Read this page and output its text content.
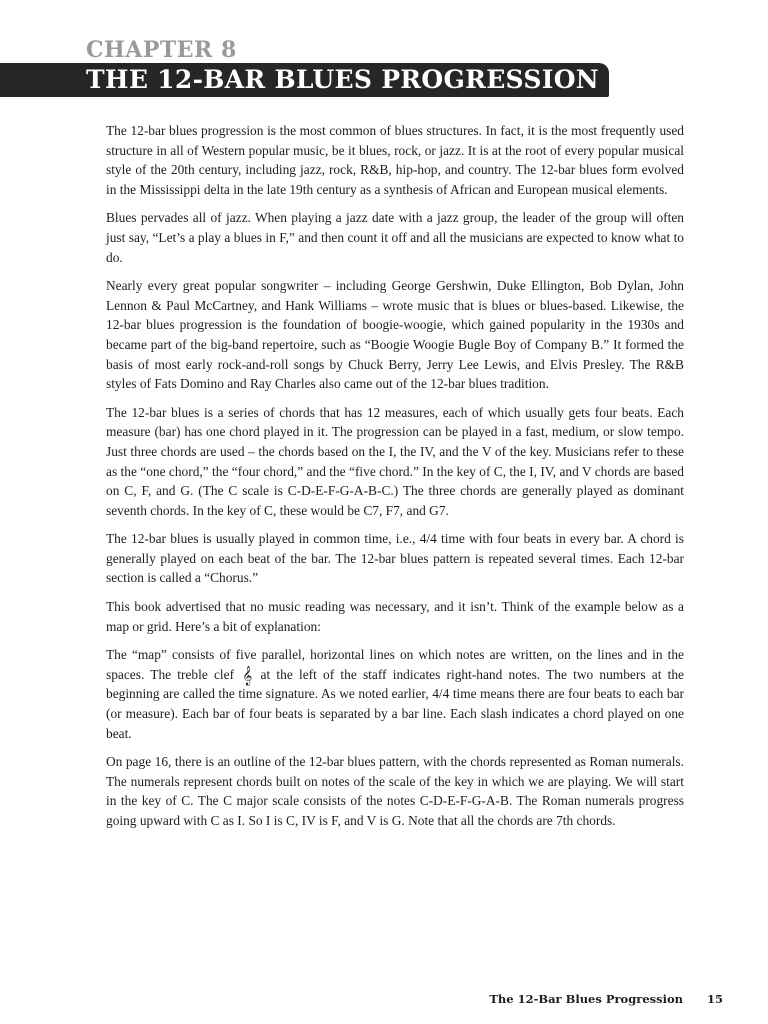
CHAPTER 8
THE 12-BAR BLUES PROGRESSION

The 12-bar blues progression is the most common of blues structures. In fact, it is the most frequently used structure in all of Western popular music, be it blues, rock, or jazz. It is at the root of every popular musical style of the 20th century, including jazz, rock, R&B, hip-hop, and country. The 12-bar blues form evolved in the Mississippi delta in the late 19th century as a synthesis of African and European musical elements.

Blues pervades all of jazz. When playing a jazz date with a jazz group, the leader of the group will often just say, “Let’s a play a blues in F,” and then count it off and all the musicians are expected to know what to do.

Nearly every great popular songwriter – including George Gershwin, Duke Ellington, Bob Dylan, John Lennon & Paul McCartney, and Hank Williams – wrote music that is blues or blues-based. Likewise, the 12-bar blues progression is the foundation of boogie-woogie, which gained popularity in the 1930s and became part of the big-band repertoire, such as “Boogie Woogie Bugle Boy of Company B.” It formed the basis of most early rock-and-roll songs by Chuck Berry, Jerry Lee Lewis, and Elvis Presley. The R&B styles of Fats Domino and Ray Charles also came out of the 12-bar blues tradition.

The 12-bar blues is a series of chords that has 12 measures, each of which usually gets four beats. Each measure (bar) has one chord played in it. The progression can be played in a fast, medium, or slow tempo. Just three chords are used – the chords based on the I, the IV, and the V of the key. Musicians refer to these as the “one chord,” the “four chord,” and the “five chord.” In the key of C, the I, IV, and V chords are based on C, F, and G. (The C scale is C-D-E-F-G-A-B-C.) The three chords are generally played as dominant seventh chords. In the key of C, these would be C7, F7, and G7.

The 12-bar blues is usually played in common time, i.e., 4/4 time with four beats in every bar. A chord is generally played on each beat of the bar. The 12-bar blues pattern is repeated several times. Each 12-bar section is called a “Chorus.”

This book advertised that no music reading was necessary, and it isn’t. Think of the example below as a map or grid. Here’s a bit of explanation:

The “map” consists of five parallel, horizontal lines on which notes are written, on the lines and in the spaces. The treble clef 𝄞 at the left of the staff indicates right-hand notes. The two numbers at the beginning are called the time signature. As we noted earlier, 4/4 time means there are four beats to each bar (or measure). Each bar of four beats is separated by a bar line. Each slash indicates a chord played on one beat.

On page 16, there is an outline of the 12-bar blues pattern, with the chords represented as Roman numerals. The numerals represent chords built on notes of the scale of the key in which we are playing. We will start in the key of C. The C major scale consists of the notes C-D-E-F-G-A-B. The Roman numerals progress going upward with C as I. So I is C, IV is F, and V is G. Note that all the chords are 7th chords.

The 12-Bar Blues Progression 15
